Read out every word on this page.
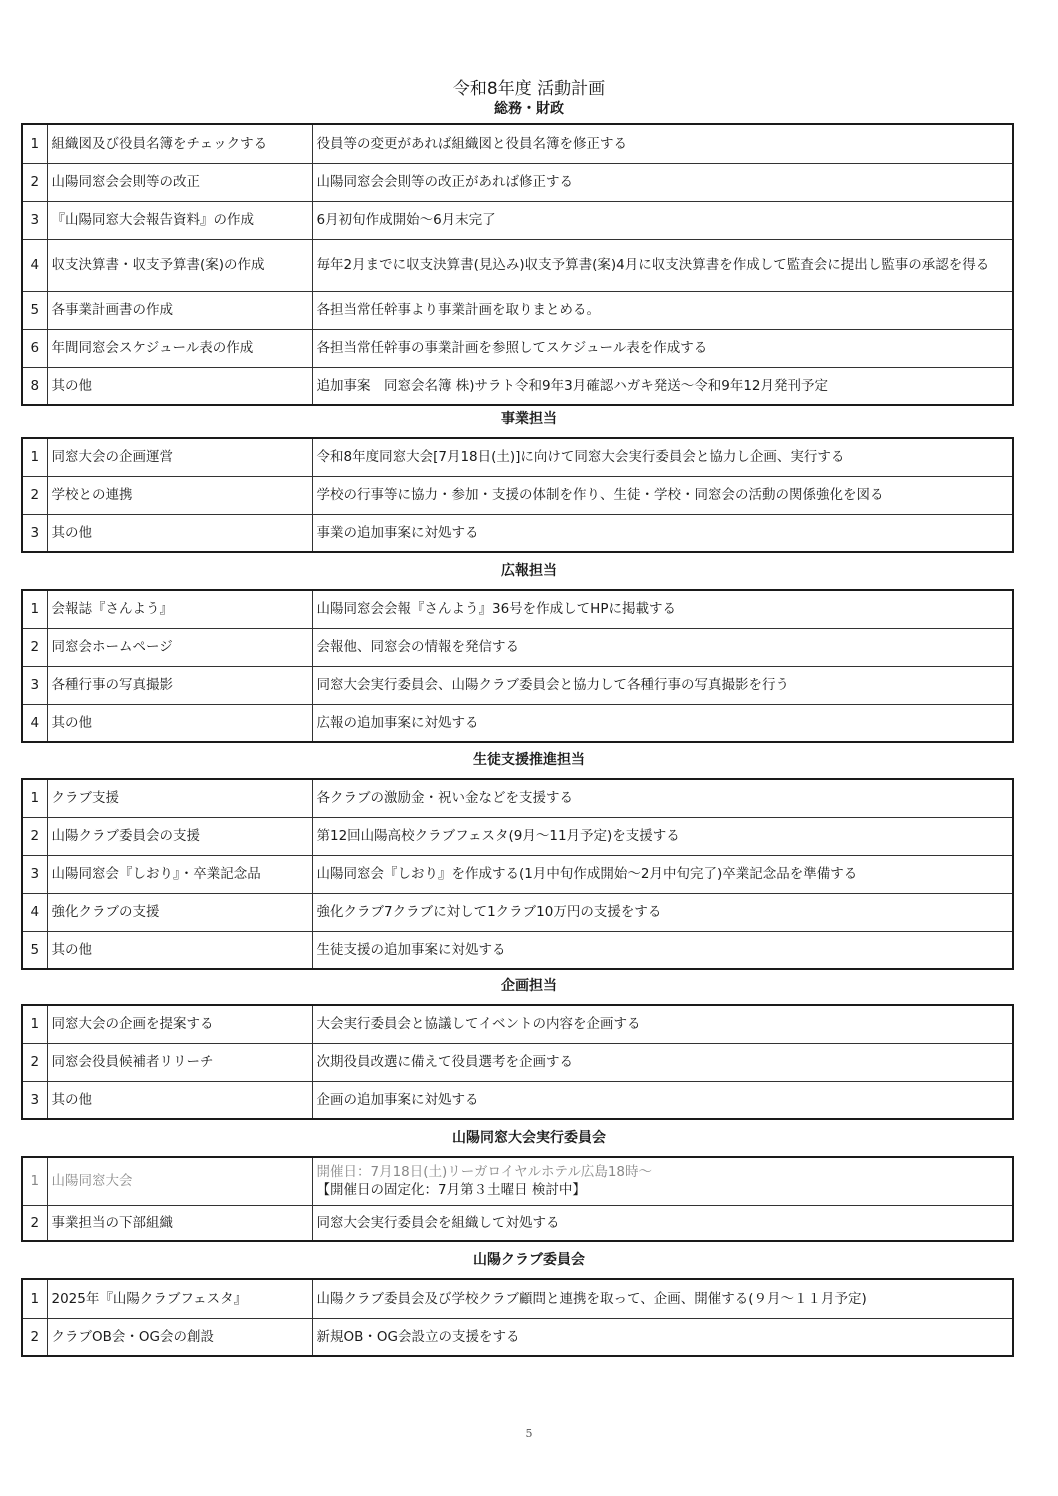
令和8年度 活動計画
総務・財政
1	組織図及び役員名簿をチェックする	役員等の変更があれば組織図と役員名簿を修正する
2	山陽同窓会会則等の改正	山陽同窓会会則等の改正があれば修正する
3	『山陽同窓大会報告資料』の作成	6月初旬作成開始～6月末完了
4	収支決算書・収支予算書(案)の作成	毎年2月までに収支決算書(見込み)収支予算書(案)4月に収支決算書を作成して監査会に提出し監事の承認を得る
5	各事業計画書の作成	各担当常任幹事より事業計画を取りまとめる。
6	年間同窓会スケジュール表の作成	各担当常任幹事の事業計画を参照してスケジュール表を作成する
8	其の他	追加事案　同窓会名簿 株)サラト令和9年3月確認ハガキ発送～令和9年12月発刊予定
事業担当
1	同窓大会の企画運営	令和8年度同窓大会[7月18日(土)]に向けて同窓大会実行委員会と協力し企画、実行する
2	学校との連携	学校の行事等に協力・参加・支援の体制を作り、生徒・学校・同窓会の活動の関係強化を図る
3	其の他	事業の追加事案に対処する
広報担当
1	会報誌『さんよう』	山陽同窓会会報『さんよう』36号を作成してHPに掲載する
2	同窓会ホームページ	会報他、同窓会の情報を発信する
3	各種行事の写真撮影	同窓大会実行委員会、山陽クラブ委員会と協力して各種行事の写真撮影を行う
4	其の他	広報の追加事案に対処する
生徒支援推進担当
1	クラブ支援	各クラブの激励金・祝い金などを支援する
2	山陽クラブ委員会の支援	第12回山陽高校クラブフェスタ(9月～11月予定)を支援する
3	山陽同窓会『しおり』・卒業記念品	山陽同窓会『しおり』を作成する(1月中旬作成開始～2月中旬完了)卒業記念品を準備する
4	強化クラブの支援	強化クラブ7クラブに対して1クラブ10万円の支援をする
5	其の他	生徒支援の追加事案に対処する
企画担当
1	同窓大会の企画を提案する	大会実行委員会と協議してイベントの内容を企画する
2	同窓会役員候補者リリーチ	次期役員改選に備えて役員選考を企画する
3	其の他	企画の追加事案に対処する
山陽同窓大会実行委員会
1	山陽同窓大会	開催日：7月18日(土)リーガロイヤルホテル広島18時～
【開催日の固定化：7月第３土曜日 検討中】

2	事業担当の下部組織	同窓大会実行委員会を組織して対処する
山陽クラブ委員会
1	2025年『山陽クラブフェスタ』	山陽クラブ委員会及び学校クラブ顧問と連携を取って、企画、開催する(９月～１１月予定)
2	クラブOB会・OG会の創設	新規OB・OG会設立の支援をする
5
